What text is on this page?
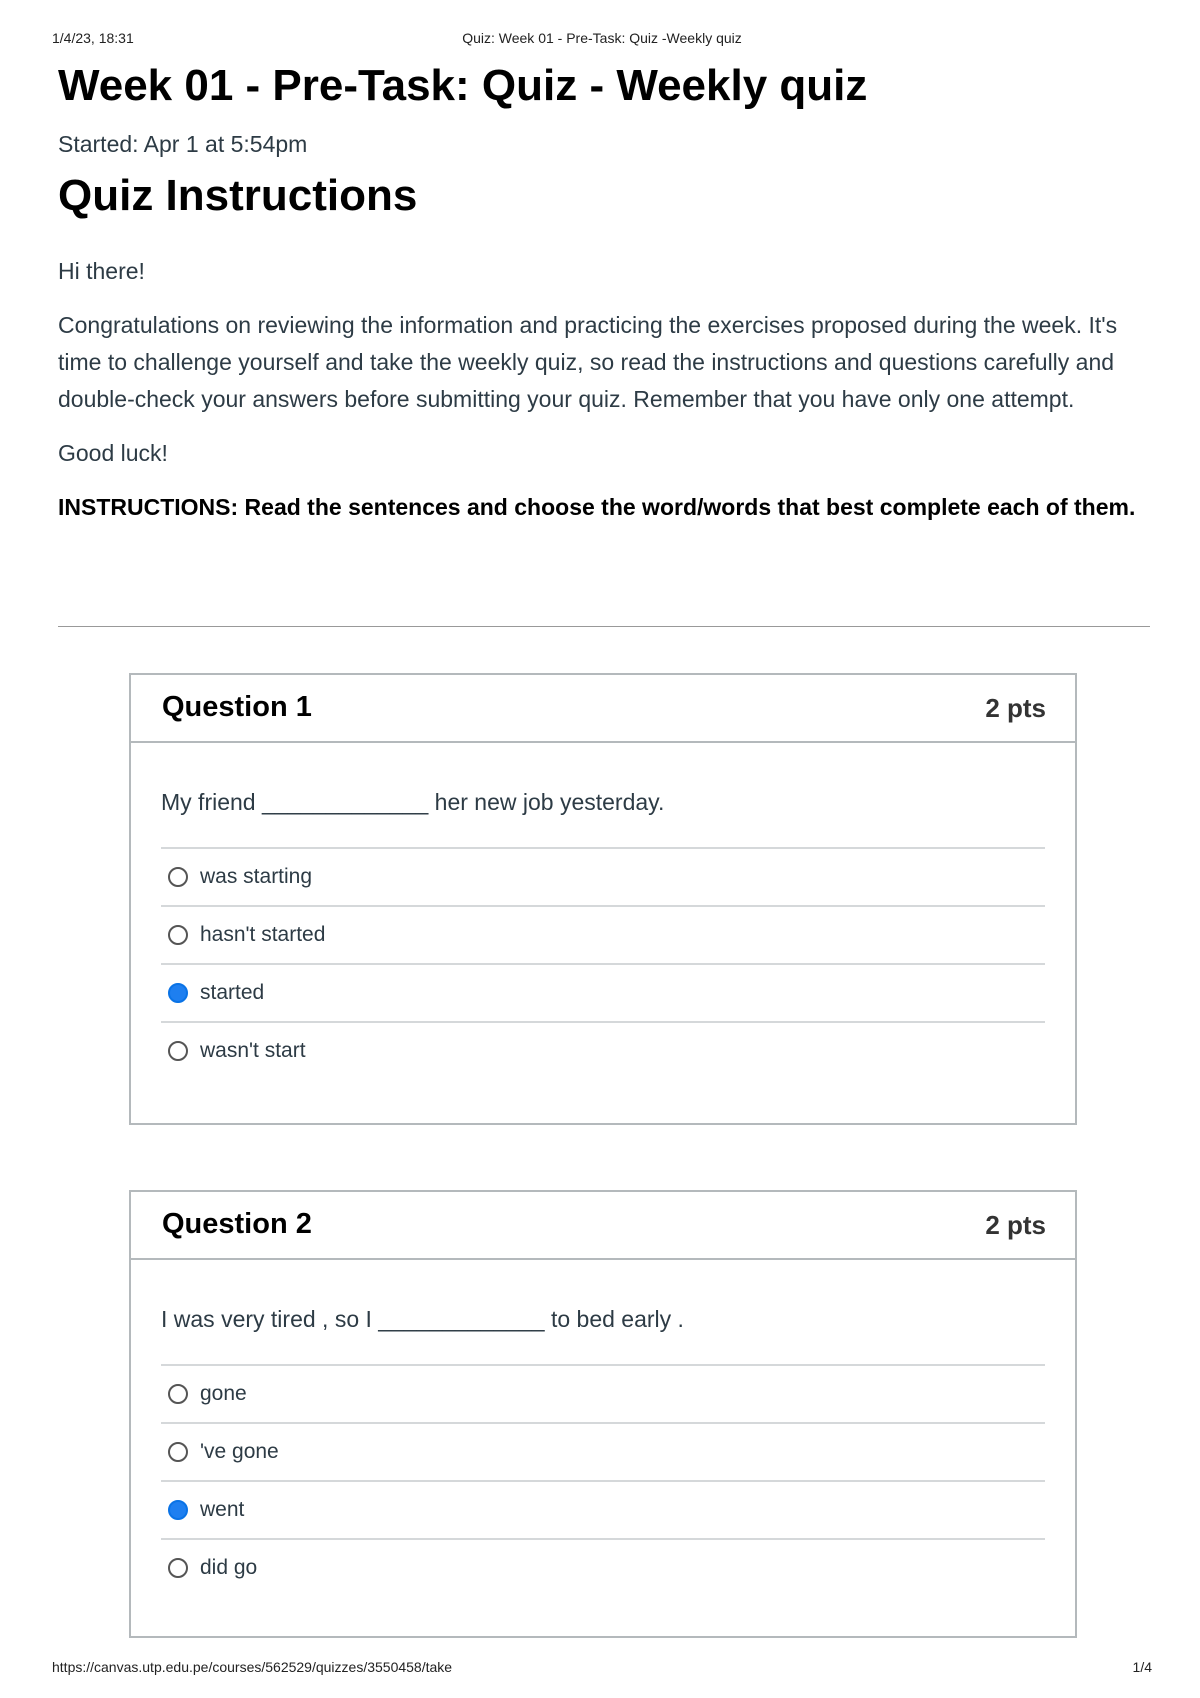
1/4/23, 18:31	Quiz: Week 01 - Pre-Task: Quiz -Weekly quiz
Week 01 - Pre-Task: Quiz - Weekly quiz
Started: Apr 1 at 5:54pm
Quiz Instructions

Hi there!

Congratulations on reviewing the information and practicing the exercises proposed during the week. It's time to challenge yourself and take the weekly quiz, so read the instructions and questions carefully and double-check your answers before submitting your quiz. Remember that you have only one attempt.

Good luck!

INSTRUCTIONS: Read the sentences and choose the word/words that best complete each of them.

Question 1	2 pts
My friend _____________ her new job yesterday.
was starting
hasn't started
started
wasn't start
Question 2	2 pts
I was very tired , so I _____________ to bed early .
gone
've gone
went
did go
https://canvas.utp.edu.pe/courses/562529/quizzes/3550458/take	1/4
